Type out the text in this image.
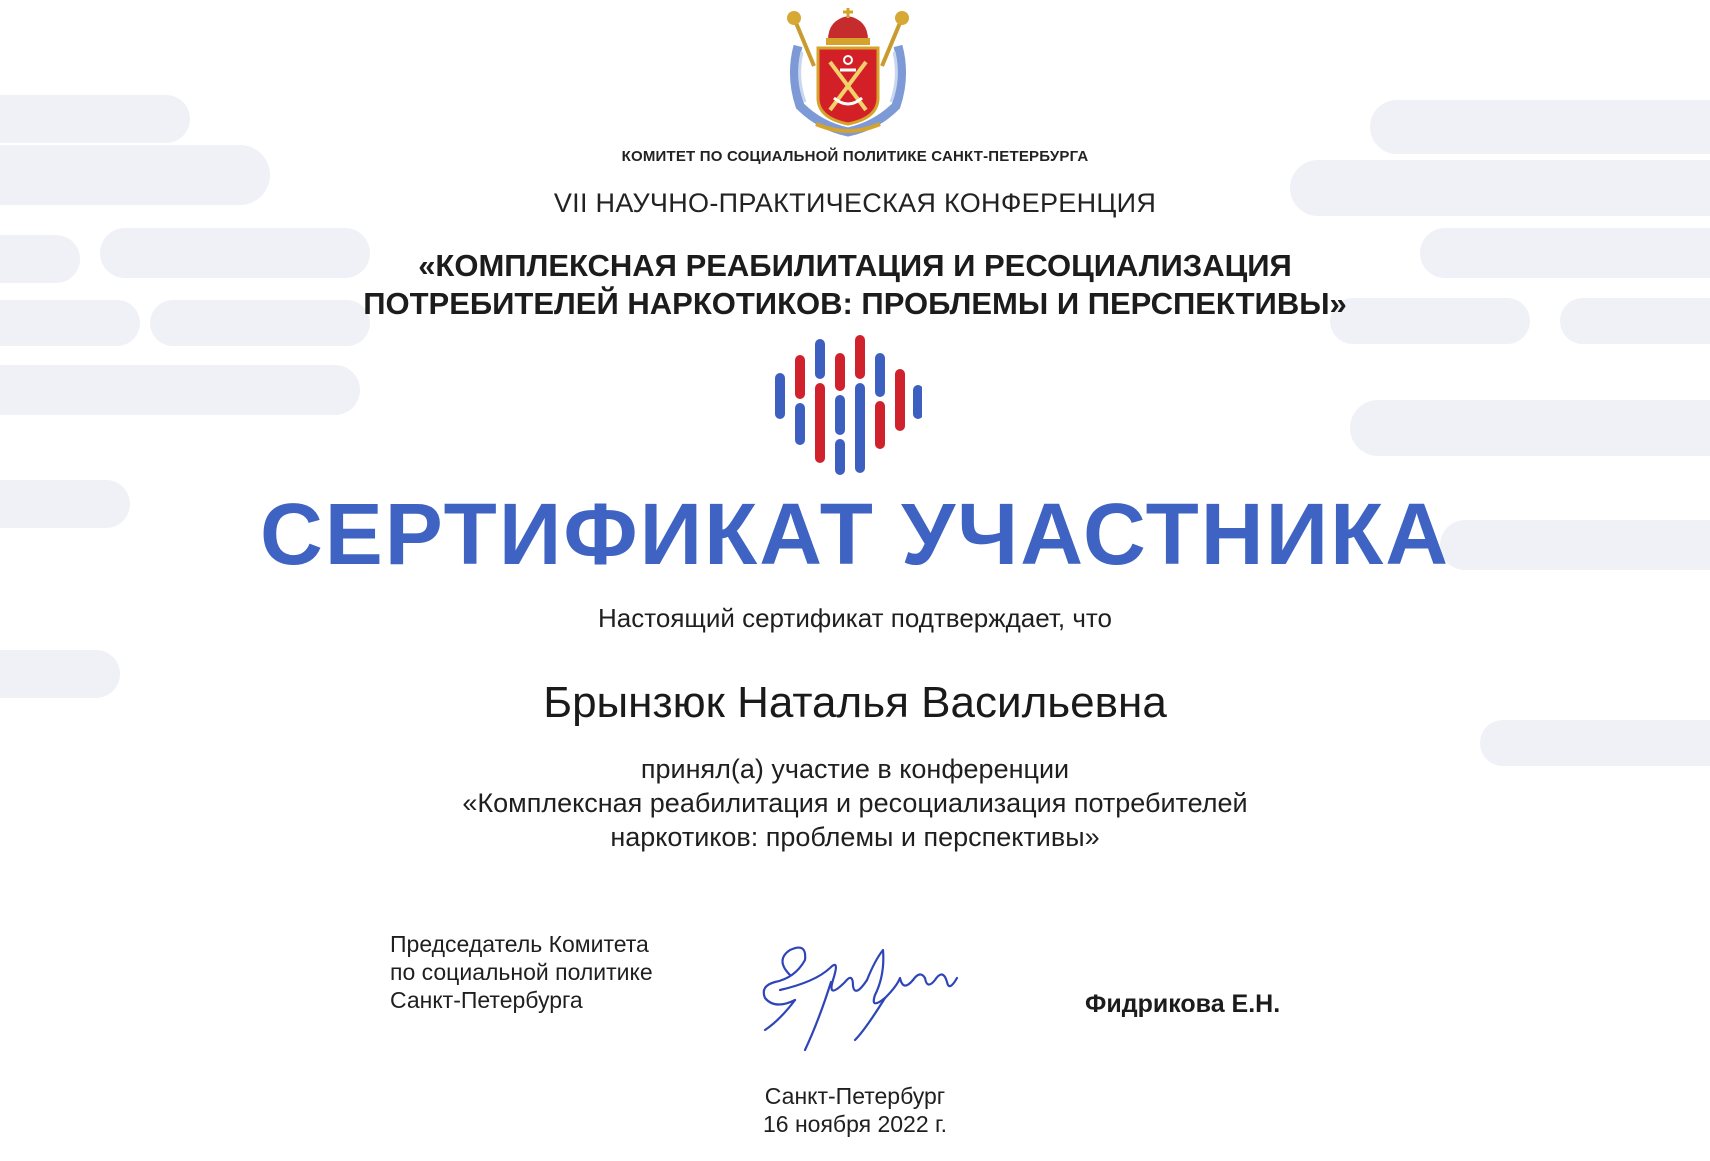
КОМИТЕТ ПО СОЦИАЛЬНОЙ ПОЛИТИКЕ САНКТ-ПЕТЕРБУРГА
VII НАУЧНО-ПРАКТИЧЕСКАЯ КОНФЕРЕНЦИЯ
«КОМПЛЕКСНАЯ РЕАБИЛИТАЦИЯ И РЕСОЦИАЛИЗАЦИЯ
ПОТРЕБИТЕЛЕЙ НАРКОТИКОВ: ПРОБЛЕМЫ И ПЕРСПЕКТИВЫ»
СЕРТИФИКАТ УЧАСТНИКА
Настоящий сертификат подтверждает, что
Брынзюк Наталья Васильевна
принял(а) участие в конференции
«Комплексная реабилитация и ресоциализация потребителей
наркотиков: проблемы и перспективы»
Председатель Комитета
по социальной политике
Санкт-Петербурга	Фидрикова Е.Н.
Санкт-Петербург
16 ноября 2022 г.
